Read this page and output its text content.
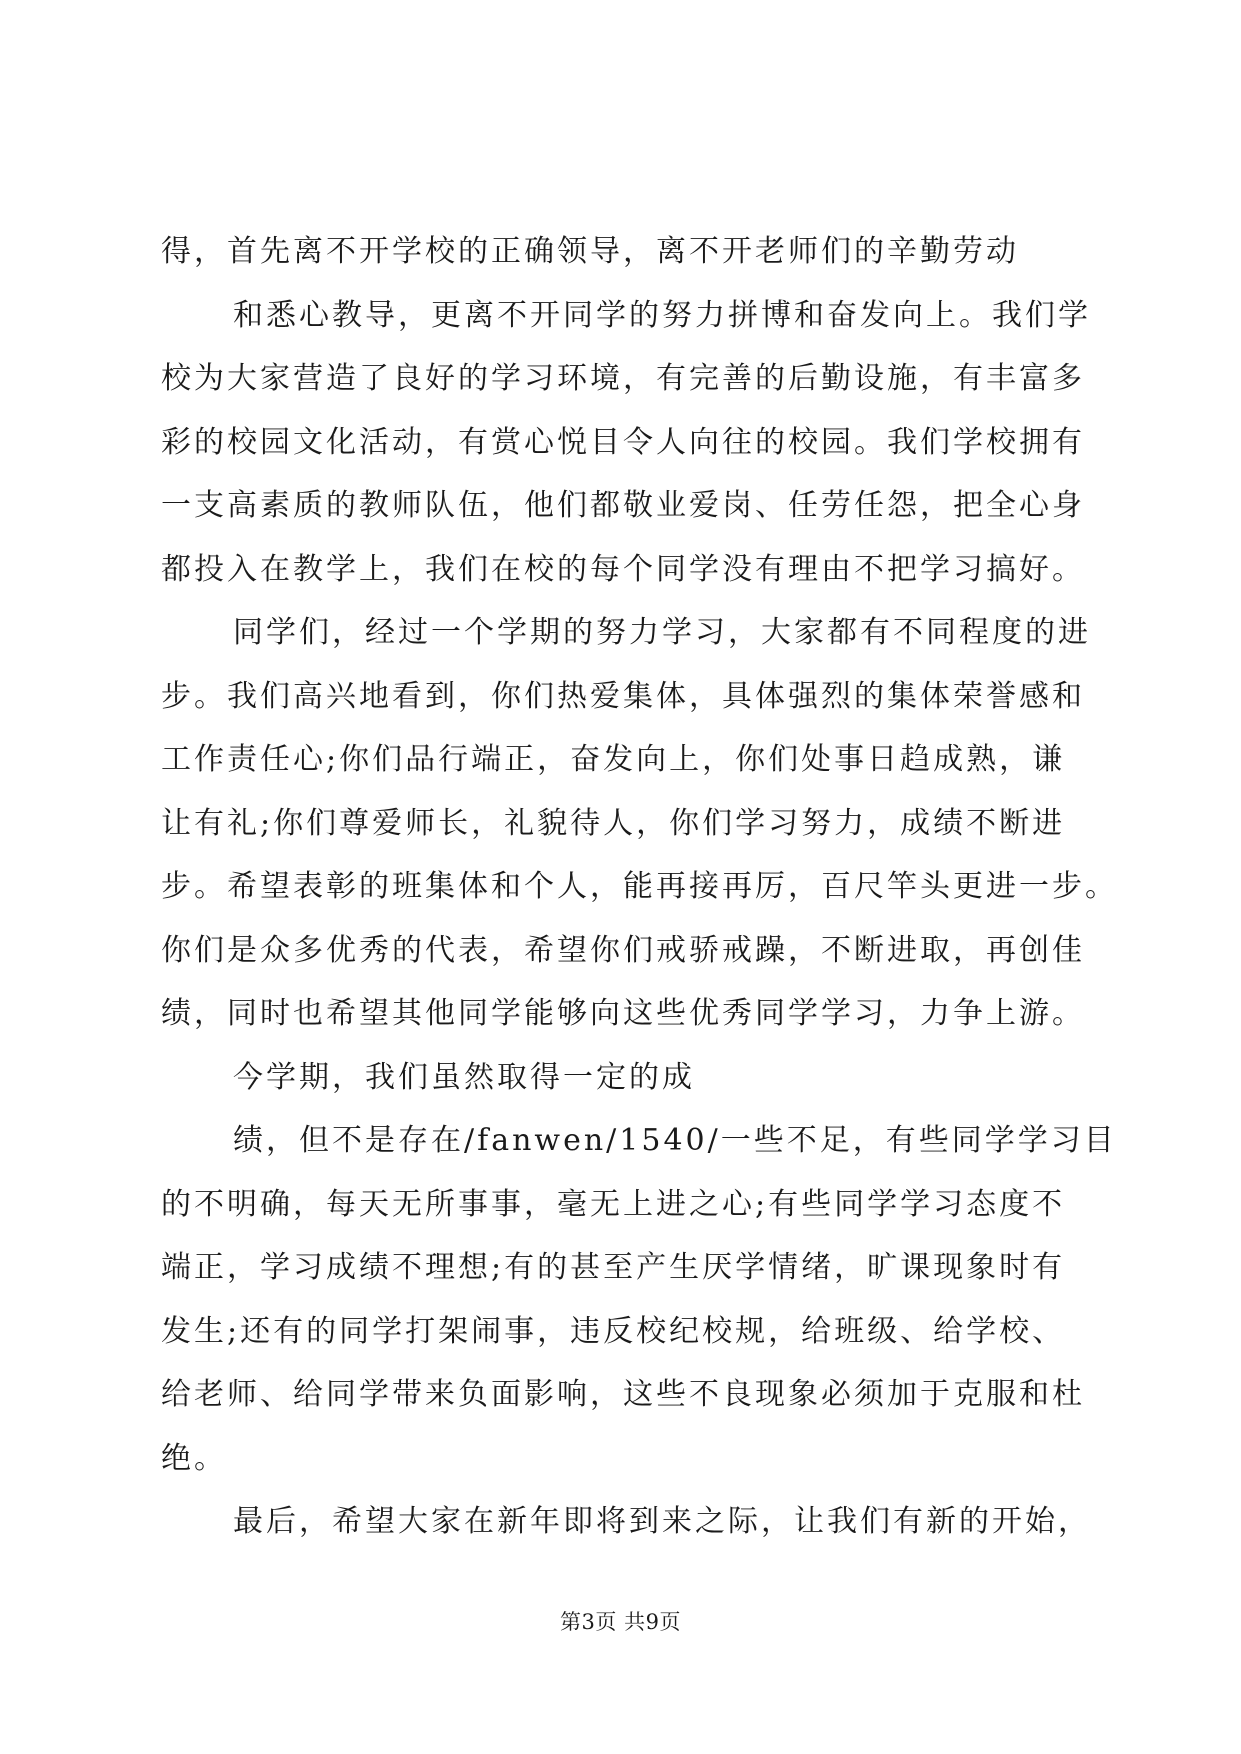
得，首先离不开学校的正确领导，离不开老师们的辛勤劳动
和悉心教导，更离不开同学的努力拼博和奋发向上。我们学
校为大家营造了良好的学习环境，有完善的后勤设施，有丰富多
彩的校园文化活动，有赏心悦目令人向往的校园。我们学校拥有
一支高素质的教师队伍，他们都敬业爱岗、任劳任怨，把全心身
都投入在教学上，我们在校的每个同学没有理由不把学习搞好。
同学们，经过一个学期的努力学习，大家都有不同程度的进
步。我们高兴地看到，你们热爱集体，具体强烈的集体荣誉感和
工作责任心;你们品行端正，奋发向上，你们处事日趋成熟，谦
让有礼;你们尊爱师长，礼貌待人，你们学习努力，成绩不断进
步。希望表彰的班集体和个人，能再接再厉，百尺竿头更进一步。
你们是众多优秀的代表，希望你们戒骄戒躁，不断进取，再创佳
绩，同时也希望其他同学能够向这些优秀同学学习，力争上游。
今学期，我们虽然取得一定的成
绩，但不是存在/fanwen/1540/一些不足，有些同学学习目
的不明确，每天无所事事，毫无上进之心;有些同学学习态度不
端正，学习成绩不理想;有的甚至产生厌学情绪，旷课现象时有
发生;还有的同学打架闹事，违反校纪校规，给班级、给学校、
给老师、给同学带来负面影响，这些不良现象必须加于克服和杜
绝。
最后，希望大家在新年即将到来之际，让我们有新的开始，
第3页 共9页
